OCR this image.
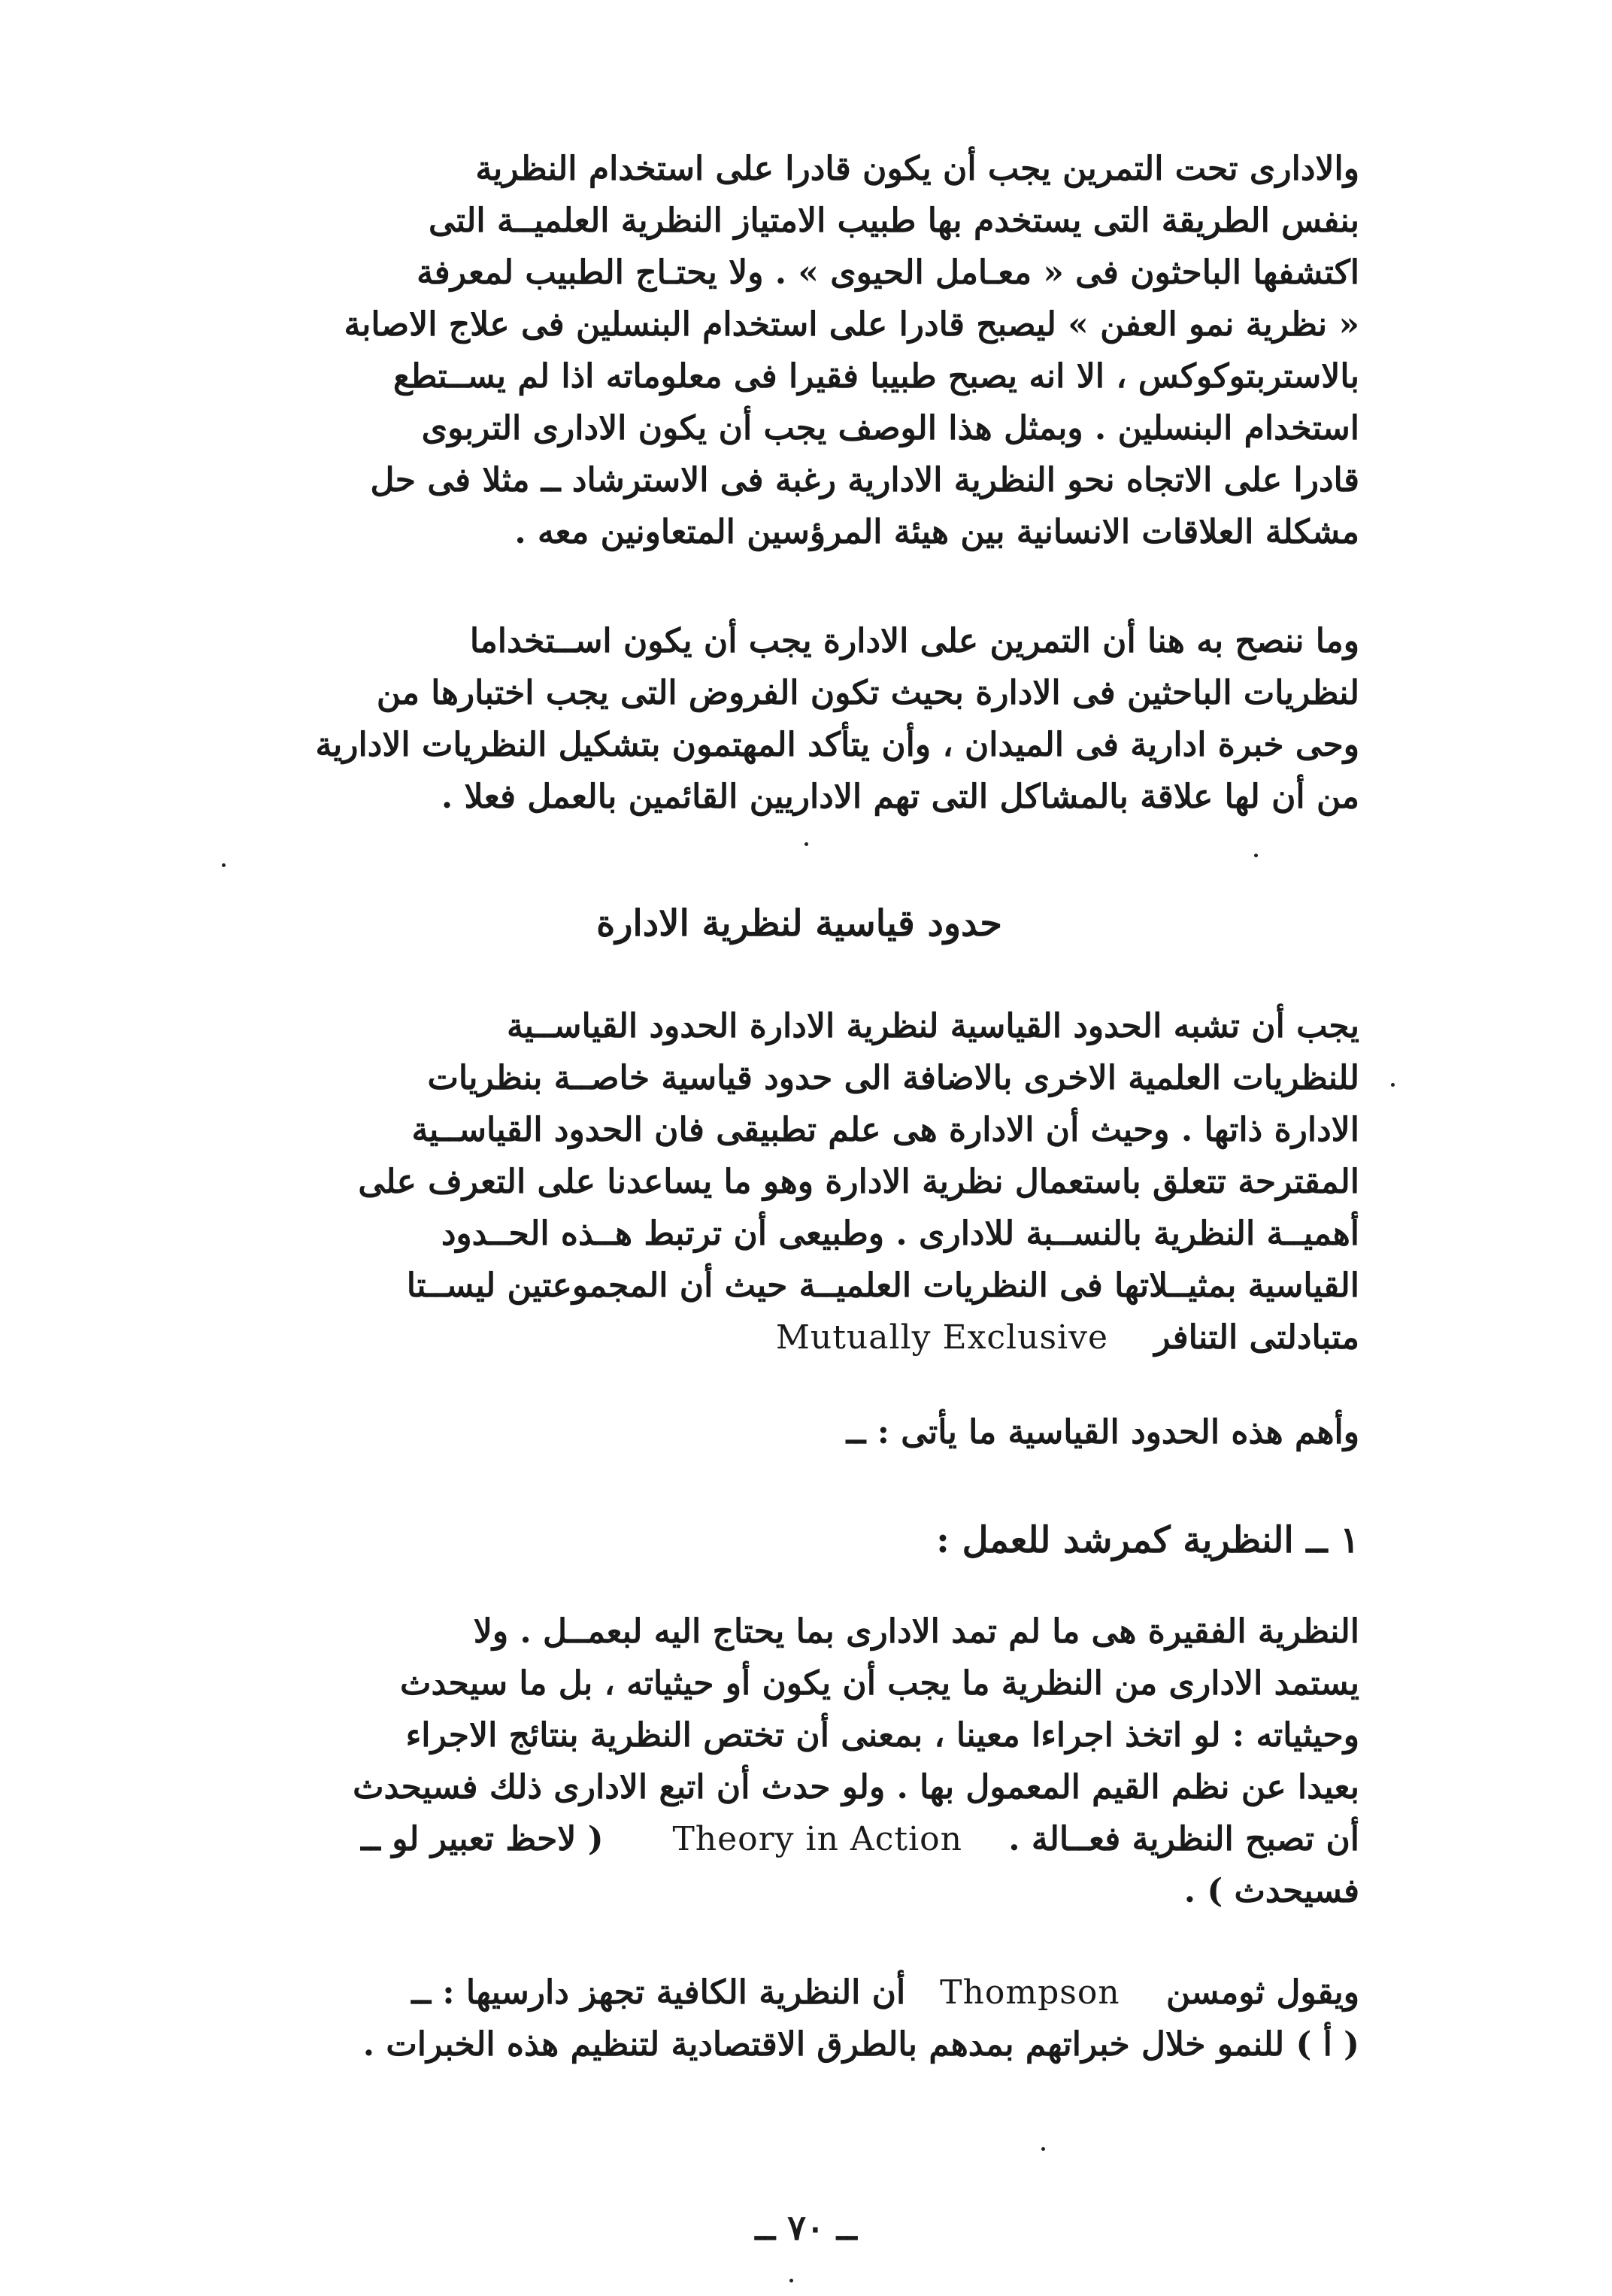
والادارى تحت التمرين يجب أن يكون قادرا على استخدام النظرية
بنفس الطريقة التى يستخدم بها طبيب الامتياز النظرية العلميــة التى
اكتشفها الباحثون فى « معـامل الحيوى » . ولا يحتـاج الطبيب لمعرفة
« نظرية نمو العفن » ليصبح قادرا على استخدام البنسلين فى علاج الاصابة
بالاستربتوكوكس ، الا انه يصبح طبيبا فقيرا فى معلوماته اذا لم يســتطع
استخدام البنسلين . وبمثل هذا الوصف يجب أن يكون الادارى التربوى
قادرا على الاتجاه نحو النظرية الادارية رغبة فى الاسترشاد ــ مثلا فى حل
مشكلة العلاقات الانسانية بين هيئة المرؤسين المتعاونين معه .
وما ننصح به هنا أن التمرين على الادارة يجب أن يكون اســتخداما
لنظريات الباحثين فى الادارة بحيث تكون الفروض التى يجب اختبارها من
وحى خبرة ادارية فى الميدان ، وأن يتأكد المهتمون بتشكيل النظريات الادارية
من أن لها علاقة بالمشاكل التى تهم الاداريين القائمين بالعمل فعلا .
حدود قياسية لنظرية الادارة
يجب أن تشبه الحدود القياسية لنظرية الادارة الحدود القياســية
للنظريات العلمية الاخرى بالاضافة الى حدود قياسية خاصــة بنظريات
الادارة ذاتها . وحيث أن الادارة هى علم تطبيقى فان الحدود القياســية
المقترحة تتعلق باستعمال نظرية الادارة وهو ما يساعدنا على التعرف على
أهميــة النظرية بالنســبة للادارى . وطبيعى أن ترتبط هــذه الحــدود
القياسية بمثيــلاتها فى النظريات العلميــة حيث أن المجموعتين ليســتا
متبادلتى التنافر    Mutually Exclusive
وأهم هذه الحدود القياسية ما يأتى : ــ
١ ــ النظرية كمرشد للعمل :
النظرية الفقيرة هى ما لم تمد الادارى بما يحتاج اليه لبعمــل . ولا
يستمد الادارى من النظرية ما يجب أن يكون أو حيثياته ، بل ما سيحدث
وحيثياته : لو اتخذ اجراءا معينا ، بمعنى أن تختص النظرية بنتائج الاجراء
بعيدا عن نظم القيم المعمول بها . ولو حدث أن اتبع الادارى ذلك فسيحدث
أن تصبح النظرية فعــالة .    Theory in Action      ( لاحظ تعبير لو ــ
فسيحدث ) .
ويقول ثومسن    Thompson   أن النظرية الكافية تجهز دارسيها : ــ
( أ ) للنمو خلال خبراتهم بمدهم بالطرق الاقتصادية لتنظيم هذه الخبرات .
ــ ٧٠ ــ
